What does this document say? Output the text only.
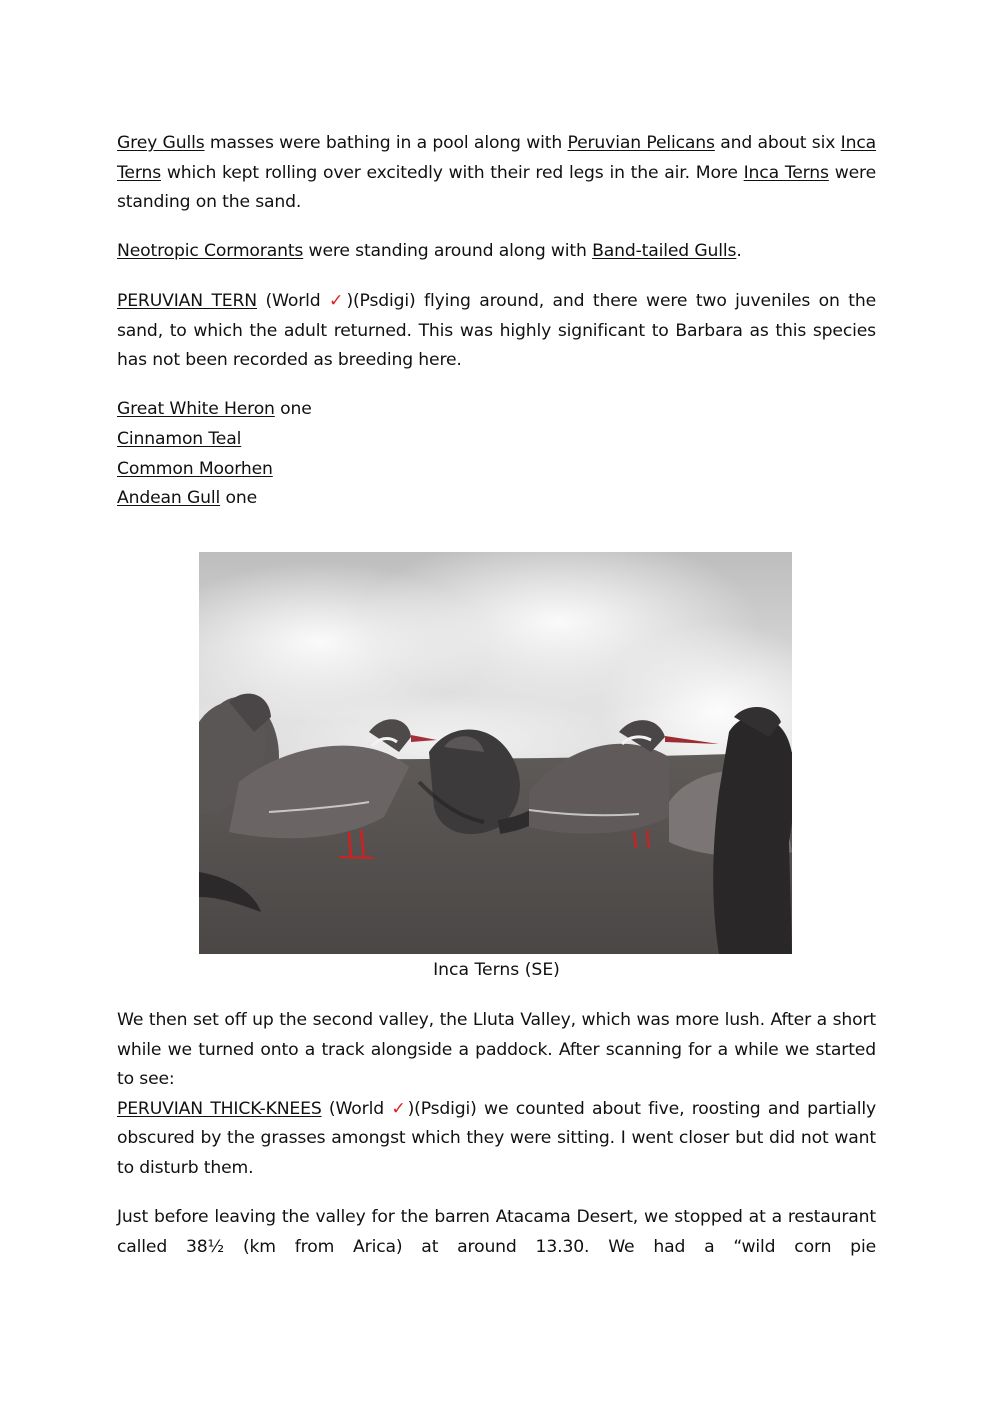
Grey Gulls masses were bathing in a pool along with Peruvian Pelicans and about six Inca Terns which kept rolling over excitedly with their red legs in the air. More Inca Terns were standing on the sand.

Neotropic Cormorants were standing around along with Band-tailed Gulls.

PERUVIAN TERN (World ✓)(Psdigi) flying around, and there were two juveniles on the sand, to which the adult returned. This was highly significant to Barbara as this species has not been recorded as breeding here.

Great White Heron one
Cinnamon Teal
Common Moorhen
Andean Gull one
Inca Terns (SE)

We then set off up the second valley, the Lluta Valley, which was more lush. After a short while we turned onto a track alongside a paddock. After scanning for a while we started to see:

PERUVIAN THICK-KNEES (World ✓)(Psdigi) we counted about five, roosting and partially obscured by the grasses amongst which they were sitting. I went closer but did not want to disturb them.

Just before leaving the valley for the barren Atacama Desert, we stopped at a restaurant called 38½ (km from Arica) at around 13.30. We had a “wild corn pie
